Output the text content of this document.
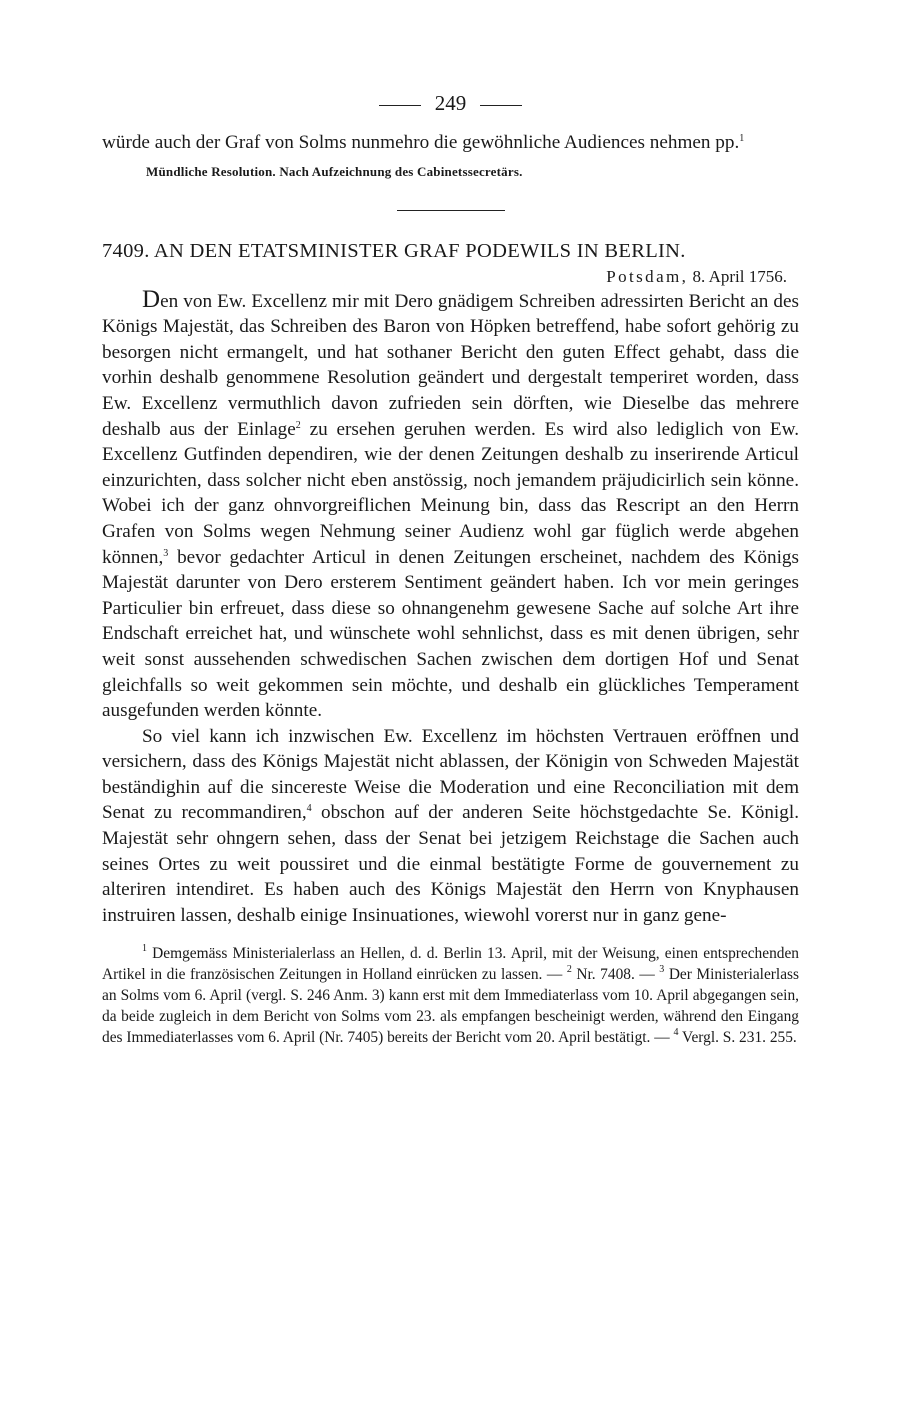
249

würde auch der Graf von Solms nunmehro die gewöhnliche Audiences nehmen pp.$^1$

Mündliche Resolution. Nach Aufzeichnung des Cabinetssecretärs.
7409. AN DEN ETATSMINISTER GRAF PODEWILS IN BERLIN.
Potsdam, 8. April 1756.

Den von Ew. Excellenz mir mit Dero gnädigem Schreiben adressirten Bericht an des Königs Majestät, das Schreiben des Baron von Höpken betreffend, habe sofort gehörig zu besorgen nicht ermangelt, und hat sothaner Bericht den guten Effect gehabt, dass die vorhin deshalb genommene Resolution geändert und dergestalt temperiret worden, dass Ew. Excellenz vermuthlich davon zufrieden sein dörften, wie Dieselbe das mehrere deshalb aus der Einlage$^2$ zu ersehen geruhen werden. Es wird also lediglich von Ew. Excellenz Gutfinden dependiren, wie der denen Zeitungen deshalb zu inserirende Articul einzurichten, dass solcher nicht eben anstössig, noch jemandem präjudicirlich sein könne. Wobei ich der ganz ohnvorgreiflichen Meinung bin, dass das Rescript an den Herrn Grafen von Solms wegen Nehmung seiner Audienz wohl gar füglich werde abgehen können,$^3$ bevor gedachter Articul in denen Zeitungen erscheinet, nachdem des Königs Majestät darunter von Dero ersterem Sentiment geändert haben. Ich vor mein geringes Particulier bin erfreuet, dass diese so ohnangenehm gewesene Sache auf solche Art ihre Endschaft erreichet hat, und wünschete wohl sehnlichst, dass es mit denen übrigen, sehr weit sonst aussehenden schwedischen Sachen zwischen dem dortigen Hof und Senat gleichfalls so weit gekommen sein möchte, und deshalb ein glückliches Temperament ausgefunden werden könnte.

So viel kann ich inzwischen Ew. Excellenz im höchsten Vertrauen eröffnen und versichern, dass des Königs Majestät nicht ablassen, der Königin von Schweden Majestät beständighin auf die sincereste Weise die Moderation und eine Reconciliation mit dem Senat zu recommandiren,$^4$ obschon auf der anderen Seite höchstgedachte Se. Königl. Majestät sehr ohngern sehen, dass der Senat bei jetzigem Reichstage die Sachen auch seines Ortes zu weit poussiret und die einmal bestätigte Forme de gouvernement zu alteriren intendiret. Es haben auch des Königs Majestät den Herrn von Knyphausen instruiren lassen, deshalb einige Insinuationes, wiewohl vorerst nur in ganz gene-

$^1$ Demgemäss Ministerialerlass an Hellen, d. d. Berlin 13. April, mit der Weisung, einen entsprechenden Artikel in die französischen Zeitungen in Holland einrücken zu lassen. — $^2$ Nr. 7408. — $^3$ Der Ministerialerlass an Solms vom 6. April (vergl. S. 246 Anm. 3) kann erst mit dem Immediaterlass vom 10. April abgegangen sein, da beide zugleich in dem Bericht von Solms vom 23. als empfangen bescheinigt werden, während den Eingang des Immediaterlasses vom 6. April (Nr. 7405) bereits der Bericht vom 20. April bestätigt. — $^4$ Vergl. S. 231. 255.
